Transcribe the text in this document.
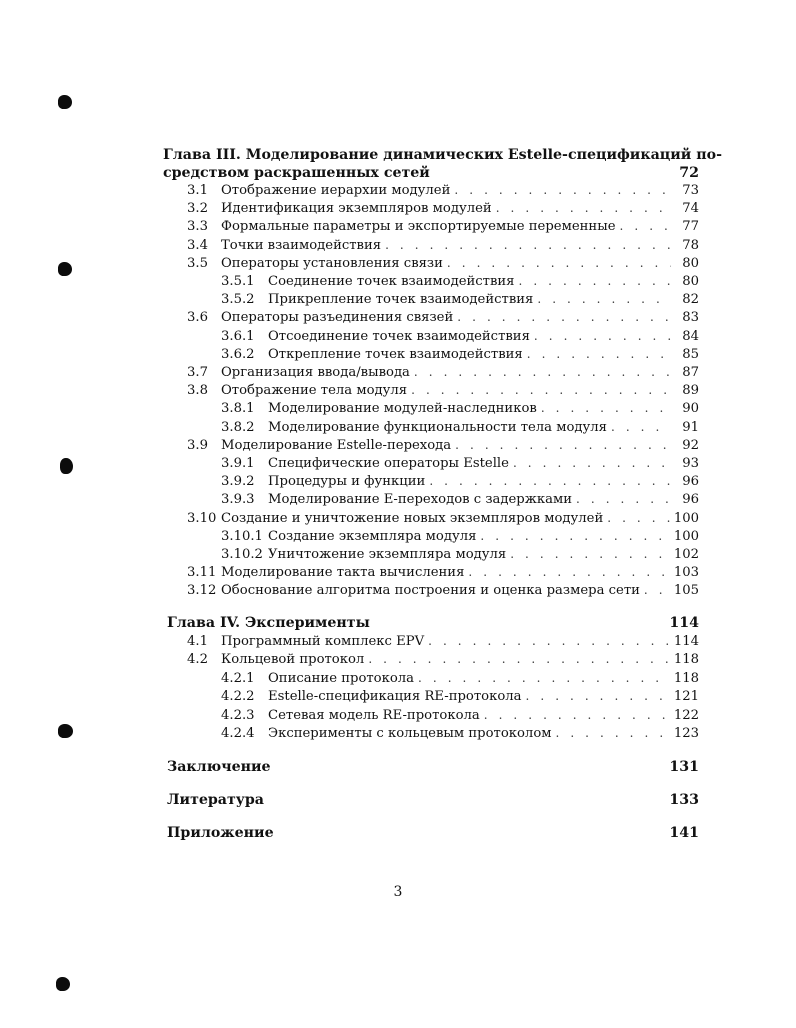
Глава III. Моделирование динамических Estelle-спецификаций по-
средством раскрашенных сетей	72
3.1 Отображение иерархии модулей . . .	73
3.2 Идентификация экземпляров модулей . . .	74
3.3 Формальные параметры и экспортируемые переменные . . .	77
3.4 Точки взаимодействия . . .	78
3.5 Операторы установления связи . . .	80
3.5.1	Соединение точек взаимодействия . . .	80
3.5.2	Прикрепление точек взаимодействия . . .	82
3.6 Операторы разъединения связей . . .	83
3.6.1	Отсоединение точек взаимодействия . . .	84
3.6.2	Открепление точек взаимодействия . . .	85
3.7 Организация ввода/вывода . . .	87
3.8 Отображение тела модуля . . .	89
3.8.1	Моделирование модулей-наследников . . .	90
3.8.2	Моделирование функциональности тела модуля . . .	91
3.9 Моделирование Estelle-перехода . . .	92
3.9.1	Специфические операторы Estelle . . .	93
3.9.2	Процедуры и функции . . .	96
3.9.3	Моделирование Е-переходов с задержками . . .	96
3.10 Создание и уничтожение новых экземпляров модулей . . .	100
3.10.1 Создание экземпляра модуля . . .	100
3.10.2 Уничтожение экземпляра модуля . . .	102
3.11 Моделирование такта вычисления . . .	103
3.12 Обоснование алгоритма построения и оценка размера сети . . .	105
Глава IV. Эксперименты	114
4.1 Программный комплекс EPV . . .	114
4.2 Кольцевой протокол . . .	118
4.2.1	Описание протокола . . .	118
4.2.2	Estelle-спецификация RE-протокола . . .	121
4.2.3	Сетевая модель RE-протокола . . .	122
4.2.4	Эксперименты с кольцевым протоколом . . .	123
Заключение	131
Литература	133
Приложение	141
3
